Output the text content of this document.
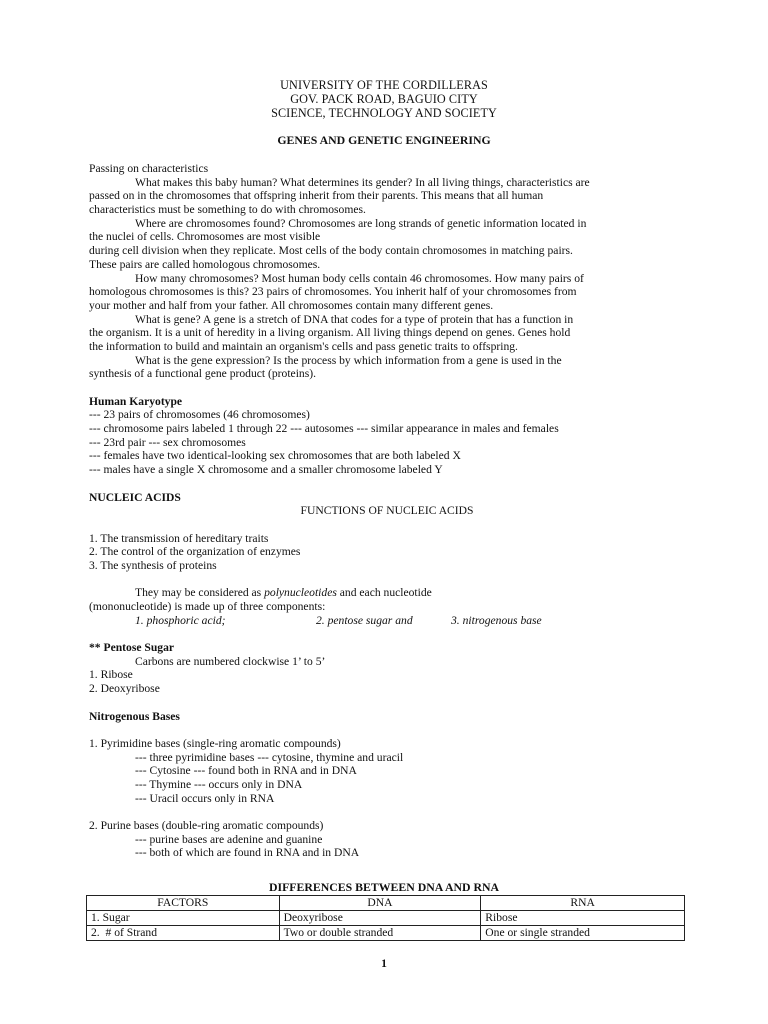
UNIVERSITY OF THE CORDILLERAS
GOV. PACK ROAD, BAGUIO CITY
SCIENCE, TECHNOLOGY AND SOCIETY
GENES AND GENETIC ENGINEERING
Passing on characteristics
What makes this baby human? What determines its gender? In all living things, characteristics are
passed on in the chromosomes that offspring inherit from their parents. This means that all human
characteristics must be something to do with chromosomes.
Where are chromosomes found? Chromosomes are long strands of genetic information located in
the nuclei of cells. Chromosomes are most visible
during cell division when they replicate. Most cells of the body contain chromosomes in matching pairs.
These pairs are called homologous chromosomes.
How many chromosomes? Most human body cells contain 46 chromosomes. How many pairs of
homologous chromosomes is this? 23 pairs of chromosomes. You inherit half of your chromosomes from
your mother and half from your father. All chromosomes contain many different genes.
What is gene? A gene is a stretch of DNA that codes for a type of protein that has a function in
the organism. It is a unit of heredity in a living organism. All living things depend on genes. Genes hold
the information to build and maintain an organism's cells and pass genetic traits to offspring.
What is the gene expression? Is the process by which information from a gene is used in the
synthesis of a functional gene product (proteins).
Human Karyotype
--- 23 pairs of chromosomes (46 chromosomes)
--- chromosome pairs labeled 1 through 22 --- autosomes --- similar appearance in males and females
--- 23rd pair --- sex chromosomes
--- females have two identical-looking sex chromosomes that are both labeled X
--- males have a single X chromosome and a smaller chromosome labeled Y
NUCLEIC ACIDS
FUNCTIONS OF NUCLEIC ACIDS
1. The transmission of hereditary traits
2. The control of the organization of enzymes
3. The synthesis of proteins
They may be considered as polynucleotides and each nucleotide
(mononucleotide) is made up of three components:
1. phosphoric acid;	2. pentose sugar and	3. nitrogenous base
** Pentose Sugar
Carbons are numbered clockwise 1’ to 5’
1. Ribose
2. Deoxyribose
Nitrogenous Bases
1. Pyrimidine bases (single-ring aromatic compounds)
--- three pyrimidine bases --- cytosine, thymine and uracil
--- Cytosine --- found both in RNA and in DNA
--- Thymine --- occurs only in DNA
--- Uracil occurs only in RNA
2. Purine bases (double-ring aromatic compounds)
--- purine bases are adenine and guanine
--- both of which are found in RNA and in DNA
DIFFERENCES BETWEEN DNA AND RNA
FACTORS	DNA	RNA
1. Sugar	Deoxyribose	Ribose
2.  # of Strand	Two or double stranded	One or single stranded
1
